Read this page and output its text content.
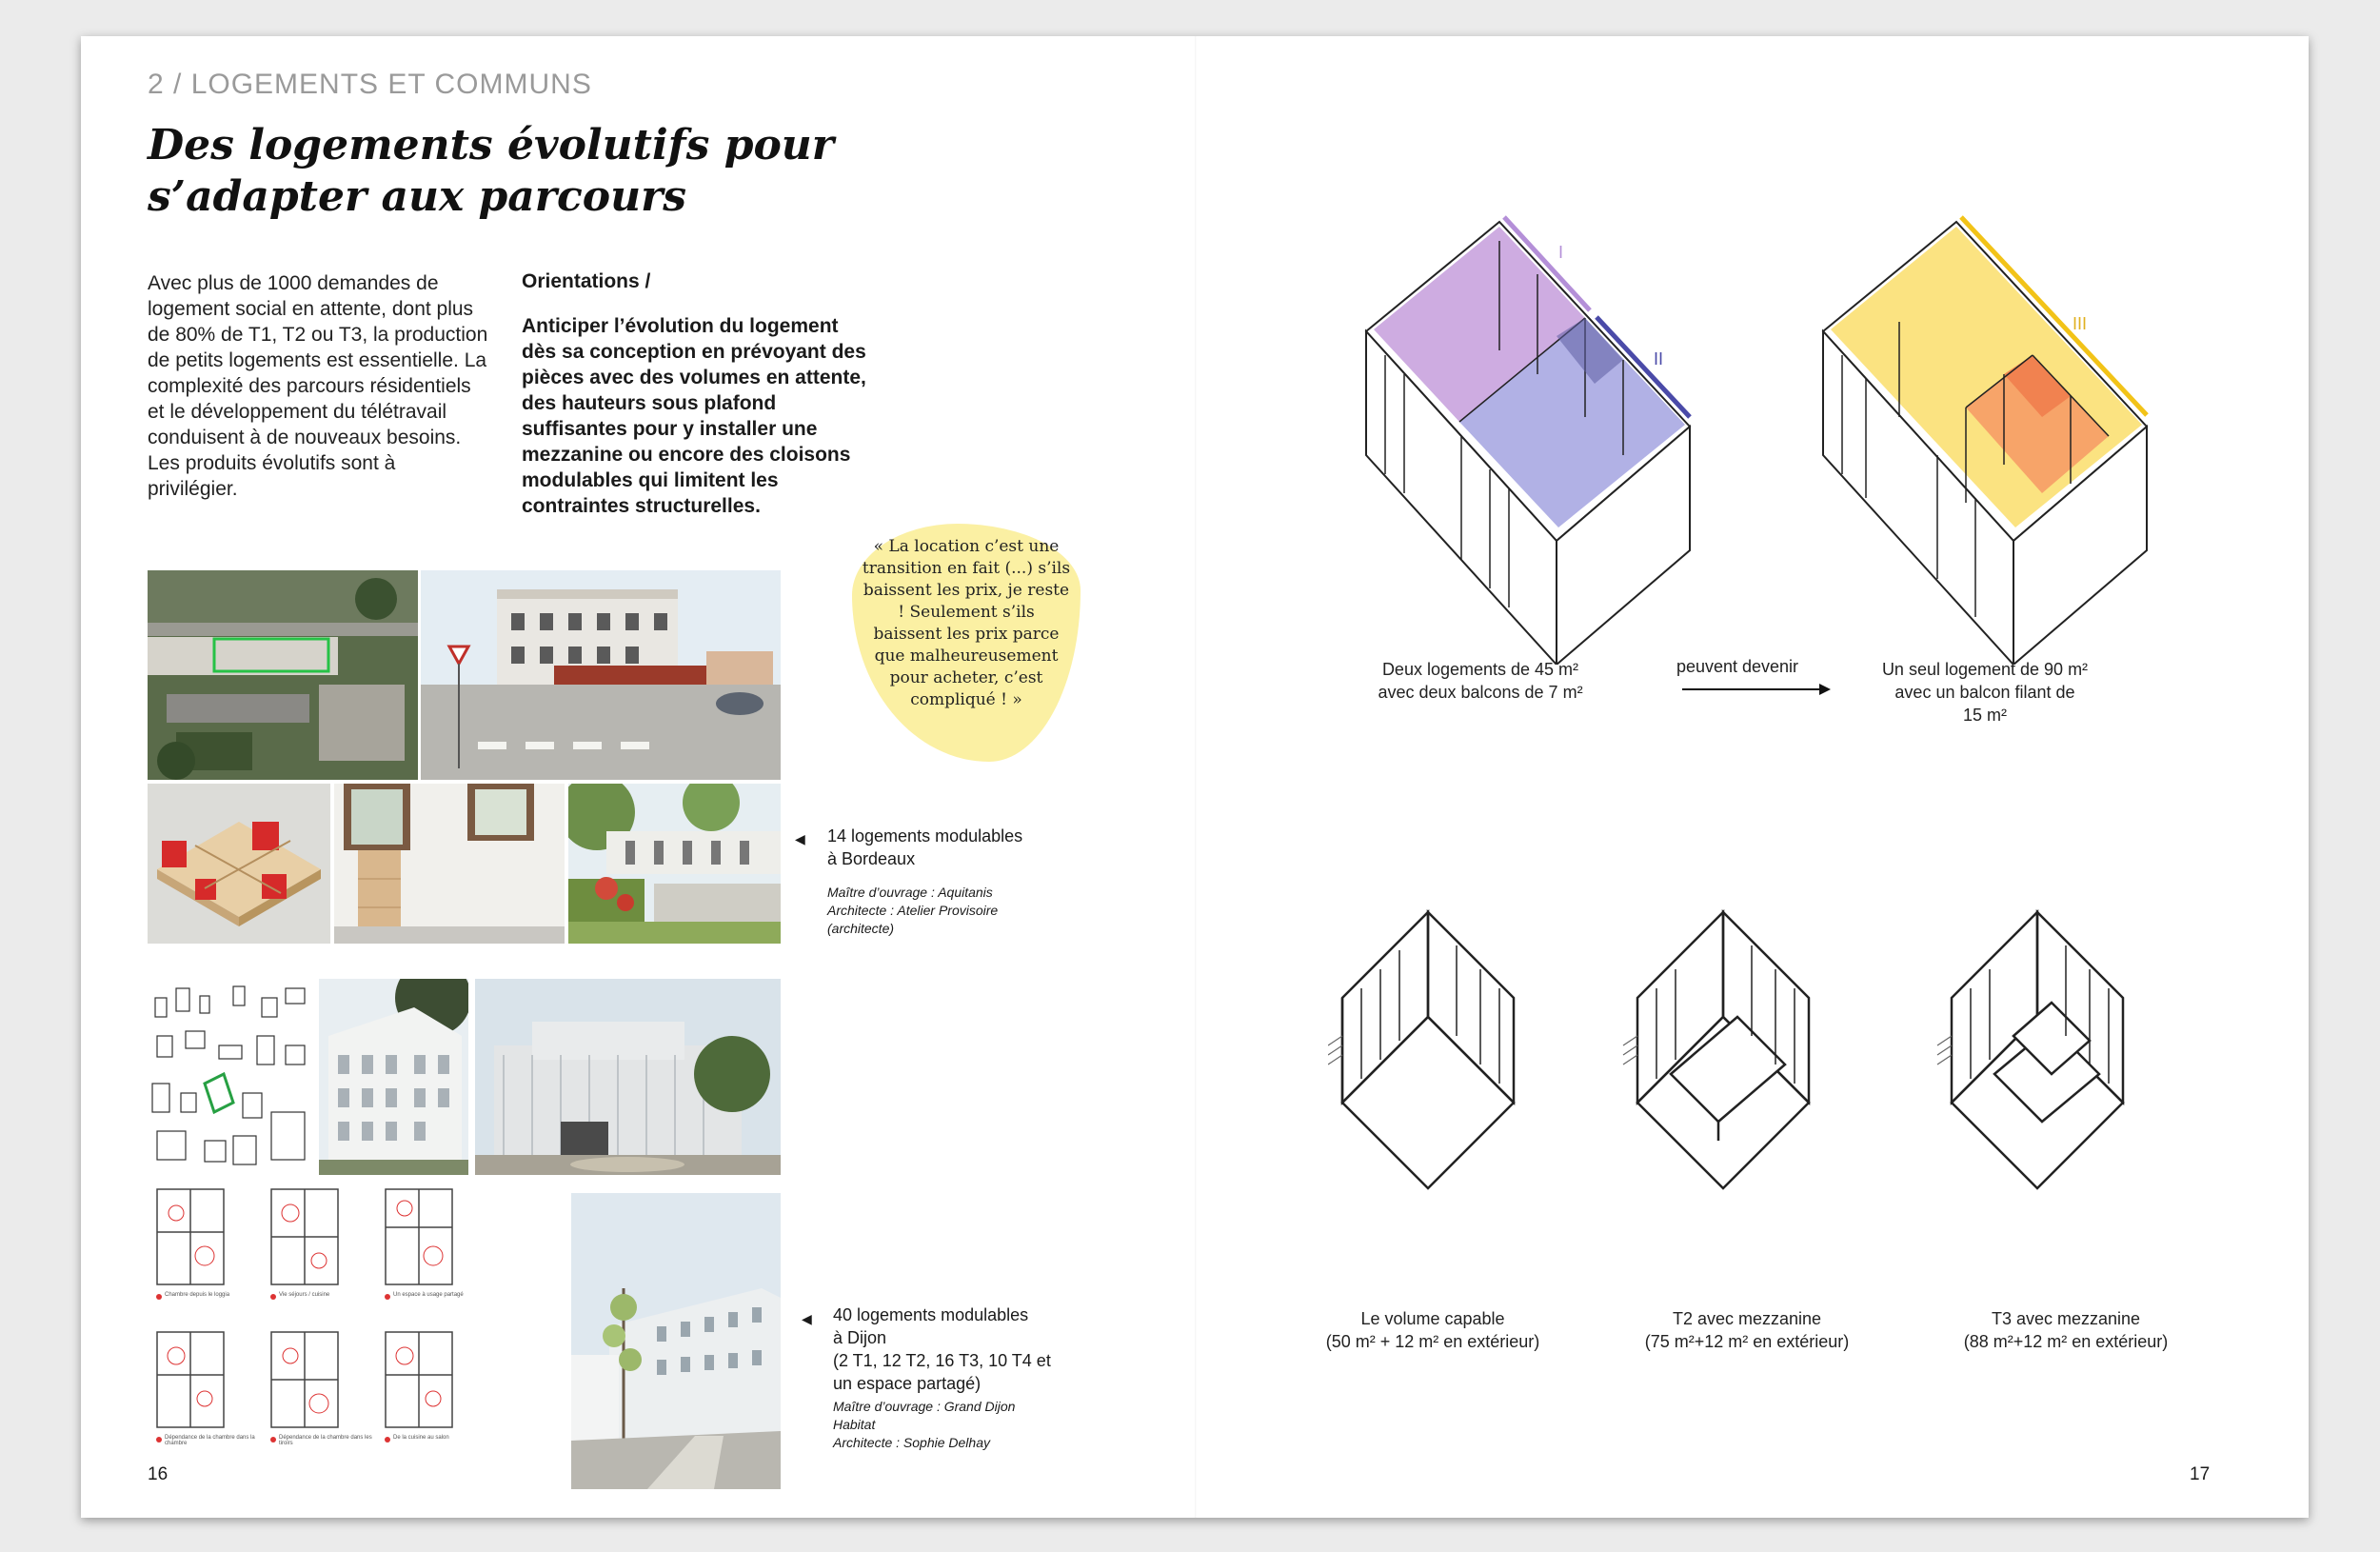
2 / LOGEMENTS ET COMMUNS
Des logements évolutifs pour
s’adapter aux parcours
Avec plus de 1000 demandes de logement social en attente, dont plus de 80% de T1, T2 ou T3, la production de petits logements est essentielle. La complexité des parcours résidentiels et le développement du télétravail conduisent à de nouveaux besoins. Les produits évolutifs sont à privilégier.
Orientations /
Anticiper l’évolution du logement dès sa conception en prévoyant des pièces avec des volumes en attente, des hauteurs sous plafond suffisantes pour y installer une mezzanine ou encore des cloisons modulables qui limitent les contraintes structurelles.
« La location c’est une transition en fait (...) s’ils baissent les prix, je reste ! Seulement s’ils baissent les prix parce que malheureusement pour acheter, c’est compliqué ! »
◀ 14 logements modulables
à Bordeaux
Maître d’ouvrage : Aquitanis
Architecte : Atelier Provisoire
(architecte)
Chambre depuis le loggia	Vie séjours / cuisine	Un espace à usage partagé
Dépendance de la chambre dans la chambre
Dépendance de la chambre dans les tiroirs
De la cuisine au salon
◀ 40 logements modulables
à Dijon
(2 T1, 12 T2, 16 T3, 10 T4 et
un espace partagé)
Maître d’ouvrage : Grand Dijon
Habitat
Architecte : Sophie Delhay
16
I
II
III
Deux logements de 45 m²
avec deux balcons de 7 m²
peuvent devenir	Un seul logement de 90 m²
avec un balcon filant de
15 m²
Le volume capable
(50 m² + 12 m² en extérieur)
T2 avec mezzanine
(75 m²+12 m² en extérieur)
T3 avec mezzanine
(88 m²+12 m² en extérieur)
17
